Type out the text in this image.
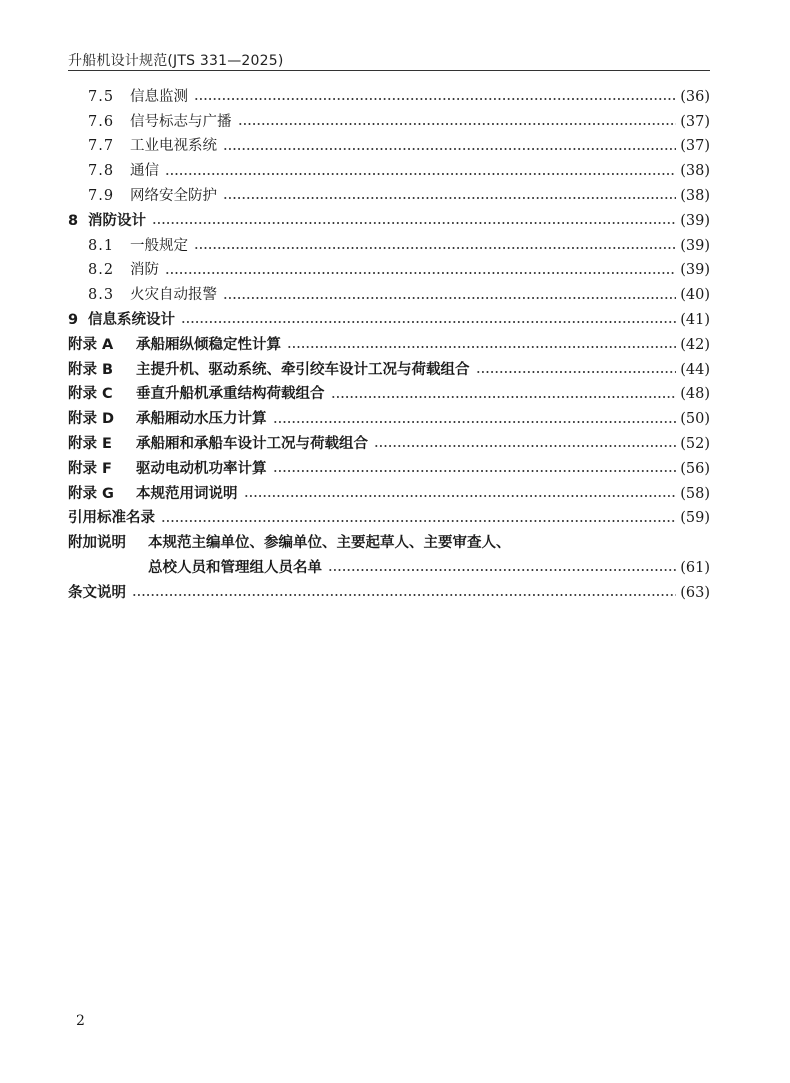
升船机设计规范(JTS 331—2025)
7.5	信息监测	(36)
7.6	信号标志与广播	(37)
7.7	工业电视系统	(37)
7.8	通信	(38)
7.9	网络安全防护	(38)
8 消防设计	(39)
8.1	一般规定	(39)
8.2	消防	(39)
8.3	火灾自动报警	(40)
9 信息系统设计	(41)
附录 A	承船厢纵倾稳定性计算	(42)
附录 B	主提升机、驱动系统、牵引绞车设计工况与荷载组合	(44)
附录 C	垂直升船机承重结构荷载组合	(48)
附录 D	承船厢动水压力计算	(50)
附录 E	承船厢和承船车设计工况与荷载组合	(52)
附录 F	驱动电动机功率计算	(56)
附录 G	本规范用词说明	(58)
引用标准名录	(59)
附加说明	本规范主编单位、参编单位、主要起草人、主要审查人、
总校人员和管理组人员名单	(61)
条文说明	(63)
2
